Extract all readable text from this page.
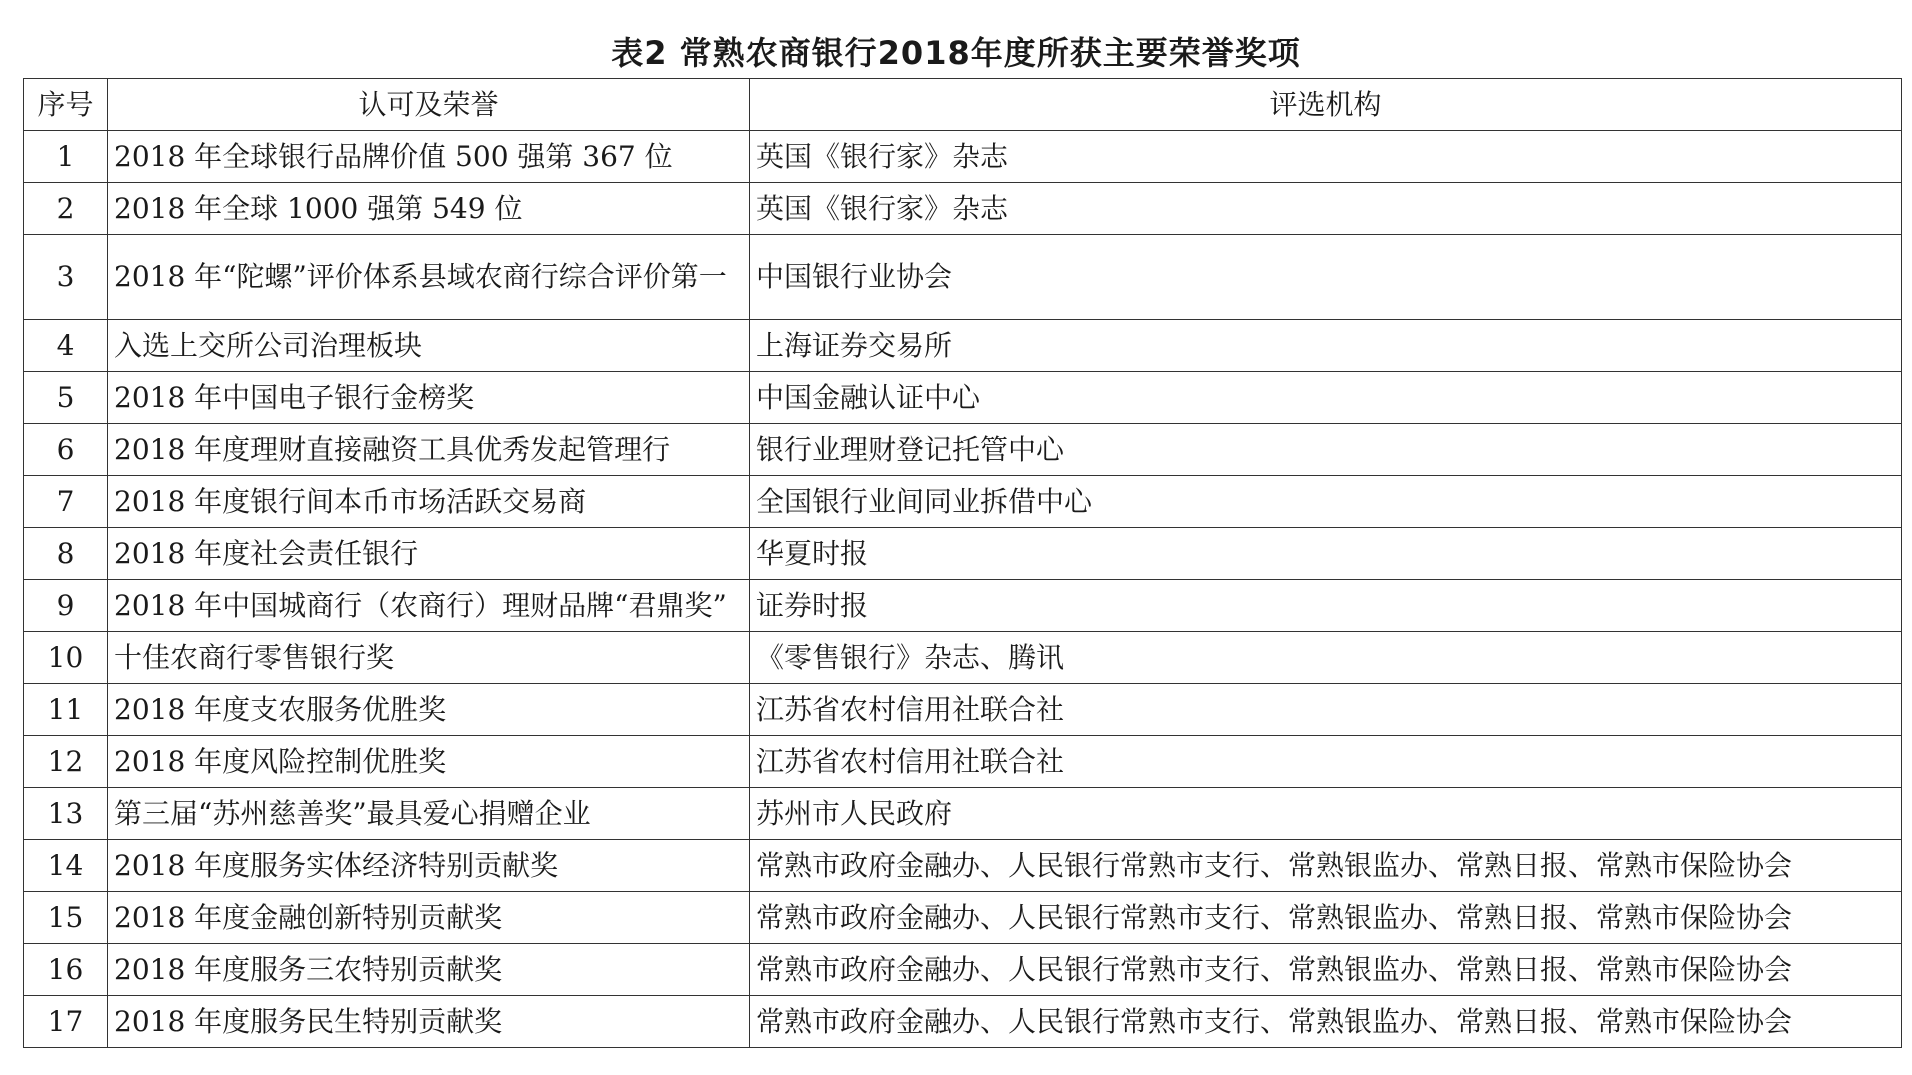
表2 常熟农商银行2018年度所获主要荣誉奖项
序号	认可及荣誉	评选机构
1	2018 年全球银行品牌价值 500 强第 367 位	英国《银行家》杂志
2	2018 年全球 1000 强第 549 位	英国《银行家》杂志
3	2018 年“陀螺”评价体系县域农商行综合评价第一	中国银行业协会
4	入选上交所公司治理板块	上海证券交易所
5	2018 年中国电子银行金榜奖	中国金融认证中心
6	2018 年度理财直接融资工具优秀发起管理行	银行业理财登记托管中心
7	2018 年度银行间本币市场活跃交易商	全国银行业间同业拆借中心
8	2018 年度社会责任银行	华夏时报
9	2018 年中国城商行（农商行）理财品牌“君鼎奖”	证券时报
10	十佳农商行零售银行奖	《零售银行》杂志、腾讯
11	2018 年度支农服务优胜奖	江苏省农村信用社联合社
12	2018 年度风险控制优胜奖	江苏省农村信用社联合社
13	第三届“苏州慈善奖”最具爱心捐赠企业	苏州市人民政府
14	2018 年度服务实体经济特别贡献奖	常熟市政府金融办、人民银行常熟市支行、常熟银监办、常熟日报、常熟市保险协会
15	2018 年度金融创新特别贡献奖	常熟市政府金融办、人民银行常熟市支行、常熟银监办、常熟日报、常熟市保险协会
16	2018 年度服务三农特别贡献奖	常熟市政府金融办、人民银行常熟市支行、常熟银监办、常熟日报、常熟市保险协会
17	2018 年度服务民生特别贡献奖	常熟市政府金融办、人民银行常熟市支行、常熟银监办、常熟日报、常熟市保险协会
